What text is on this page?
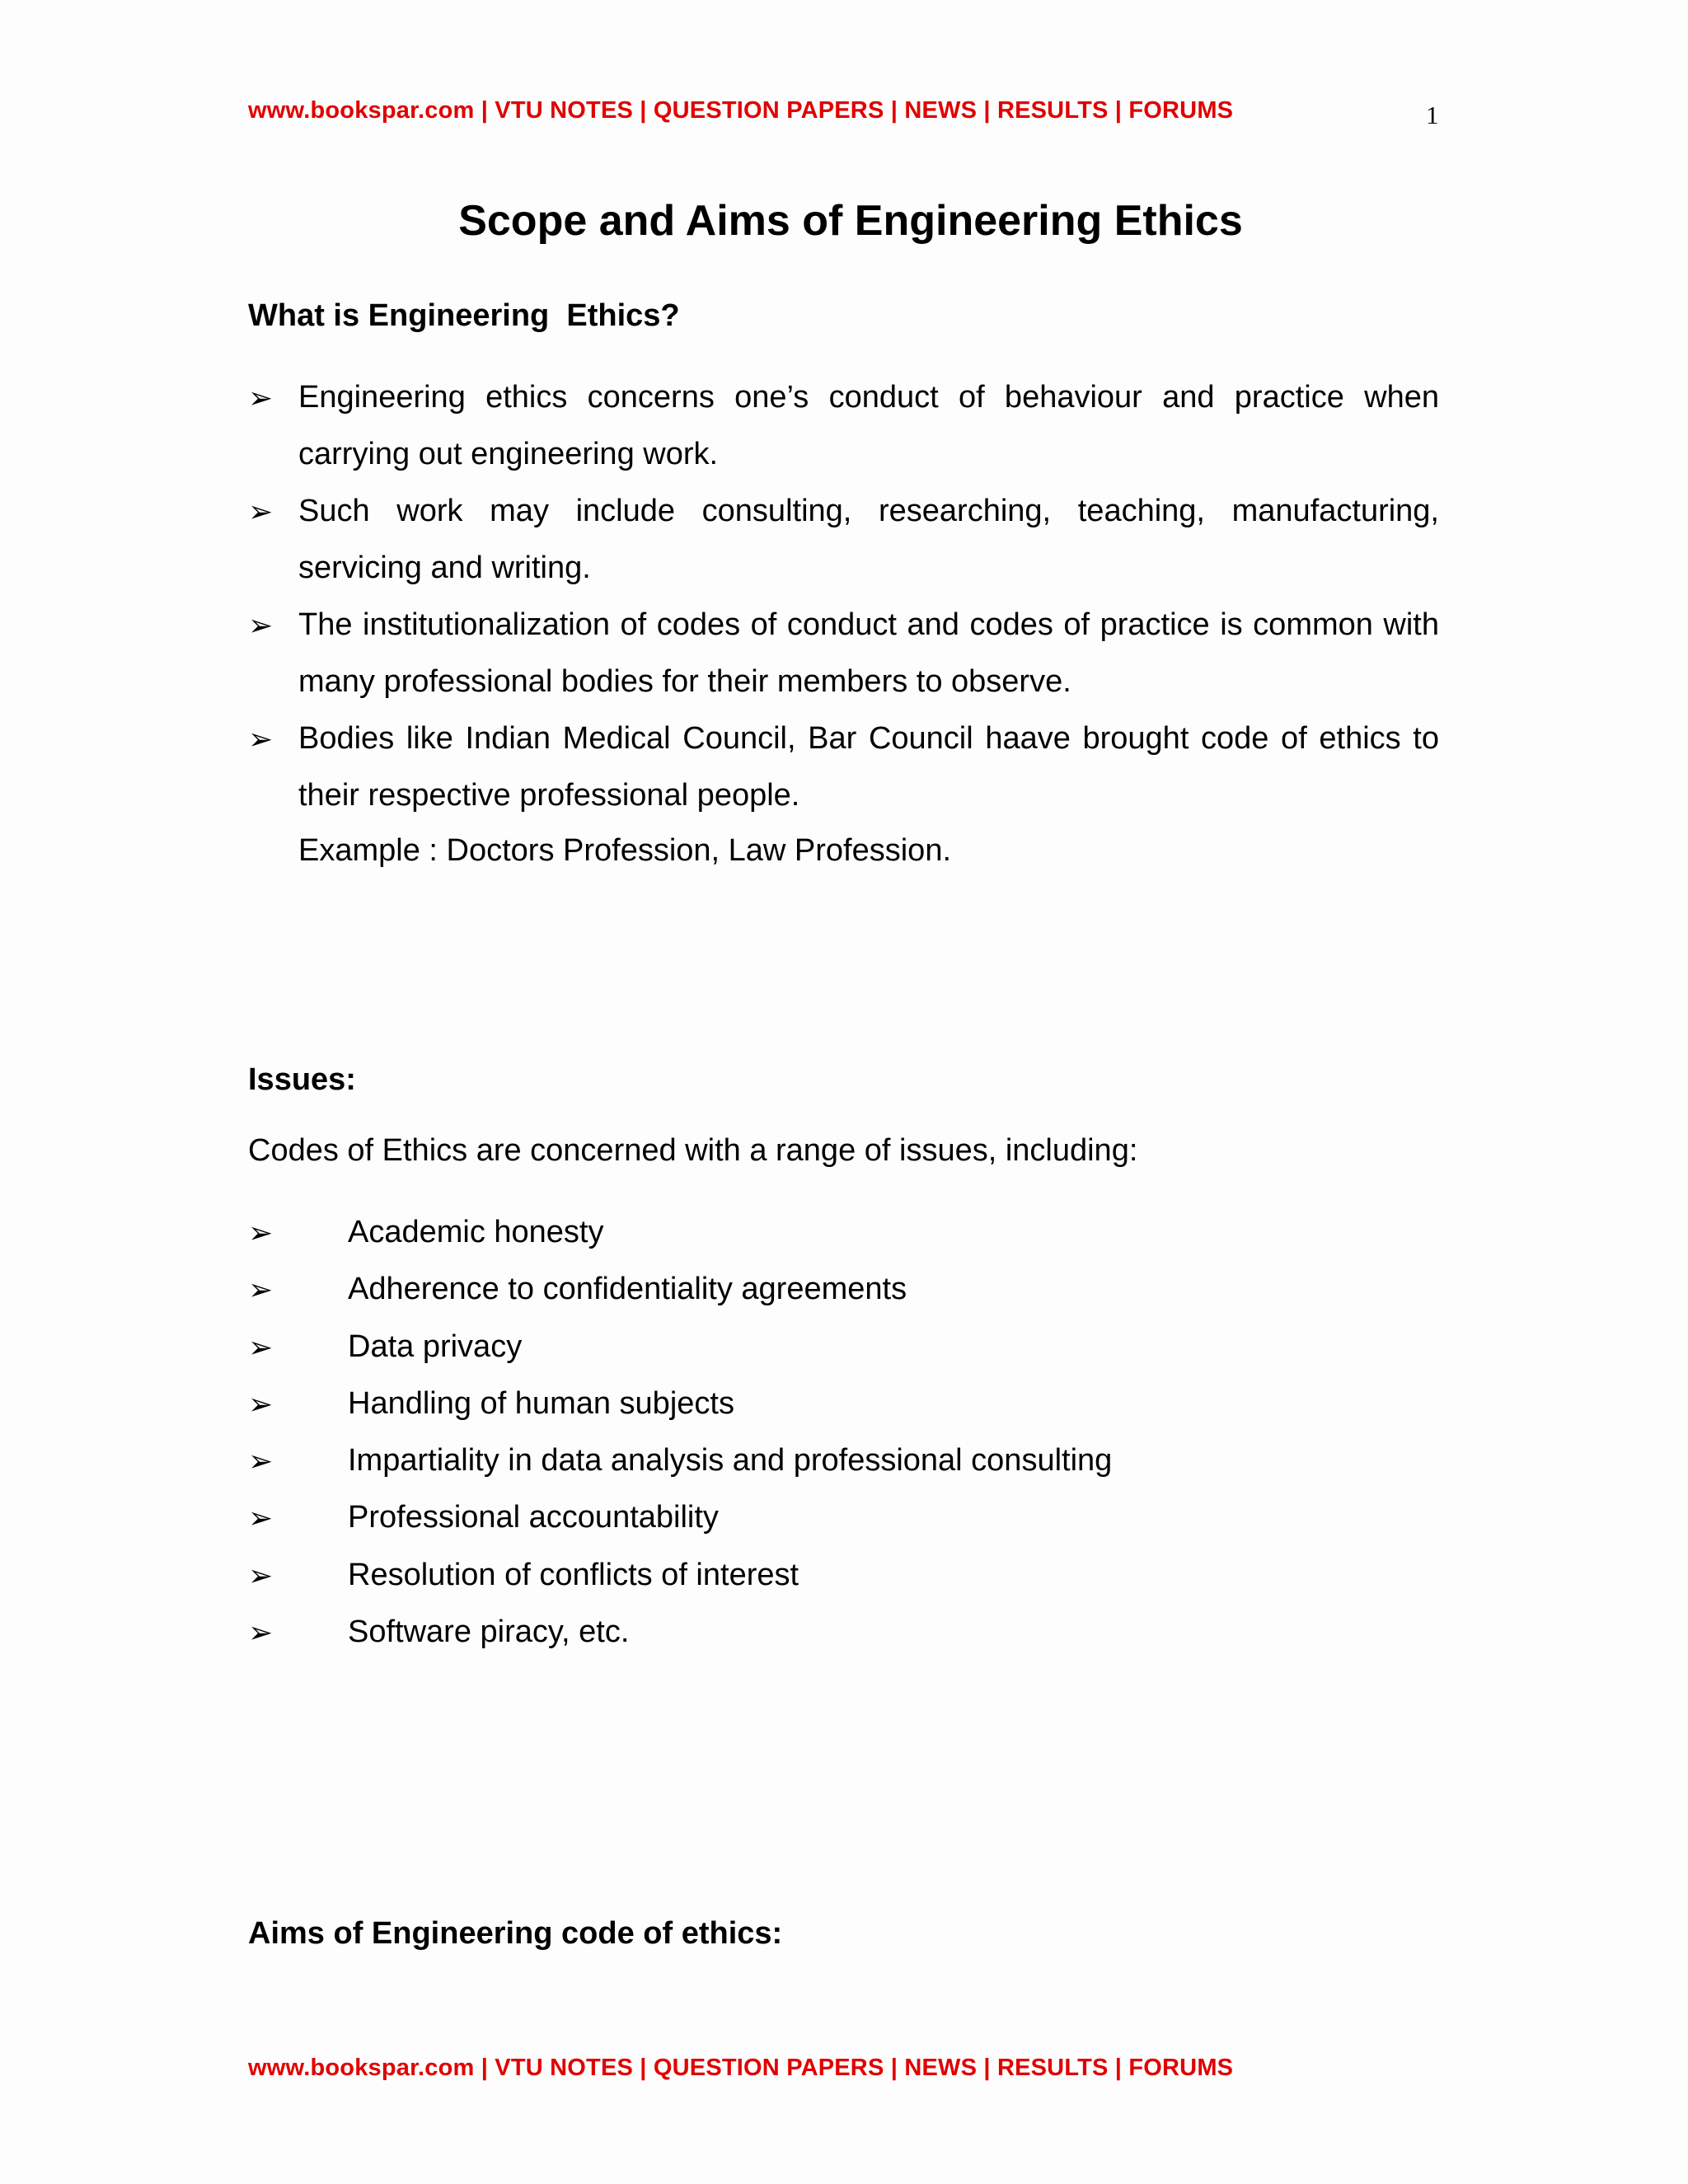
www.bookspar.com | VTU NOTES | QUESTION PAPERS | NEWS | RESULTS | FORUMS	1
Scope and Aims of Engineering Ethics
What is Engineering  Ethics?
➢ Engineering ethics concerns one’s conduct of behaviour and practice when carrying out engineering work.
➢ Such work may include consulting, researching, teaching, manufacturing, servicing and writing.
➢ The institutionalization of codes of conduct and codes of practice is common with many professional bodies for their members to observe.
➢ Bodies like Indian Medical Council, Bar Council haave brought code of ethics to their respective professional people.
Example : Doctors Profession, Law Profession.
Issues:
Codes of Ethics are concerned with a range of issues, including:
➢ Academic honesty
➢ Adherence to confidentiality agreements
➢ Data privacy
➢ Handling of human subjects
➢ Impartiality in data analysis and professional consulting
➢ Professional accountability
➢ Resolution of conflicts of interest
➢ Software piracy, etc.
Aims of Engineering code of ethics:
www.bookspar.com | VTU NOTES | QUESTION PAPERS | NEWS | RESULTS | FORUMS
